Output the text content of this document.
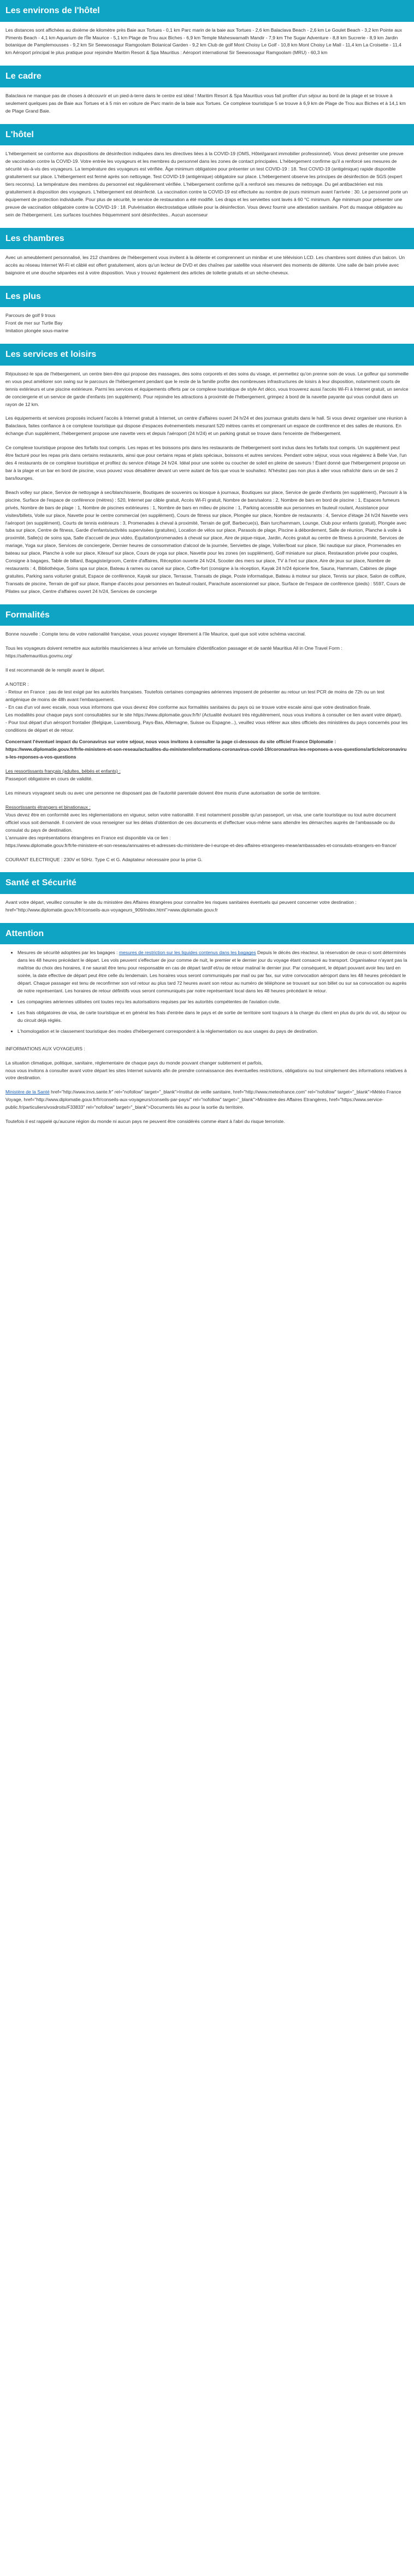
Les environs de l'hôtel

Les distances sont affichées au dixième de kilomètre près Baie aux Tortues - 0,1 km Parc marin de la baie aux Tortues - 2,6 km Balaclava Beach - 2,6 km Le Goulet Beach - 3,2 km Pointe aux Piments Beach - 4,1 km Aquarium de l'Île Maurice - 5,1 km Plage de Trou aux Biches - 6,9 km Temple Maheswarnath Mandir - 7,9 km The Sugar Adventure - 8,8 km Sucrerie - 8,9 km Jardin botanique de Pamplemousses - 9,2 km Sir Seewoosagur Ramgoolam Botanical Garden - 9,2 km Club de golf Mont Choisy Le Golf - 10,8 km Mont Choisy Le Mall - 11,4 km La Croisette - 11,4 km Aéroport principal le plus pratique pour rejoindre Maritim Resort & Spa Mauritius : Aéroport international Sir Seewoosagur Ramgoolam (MRU) - 60,3 km

Le cadre

Balaclava ne manque pas de choses à découvrir et un pied-à-terre dans le centre est idéal ! Maritim Resort & Spa Mauritius vous fait profiter d'un séjour au bord de la plage et se trouve à seulement quelques pas de Baie aux Tortues et à 5 min en voiture de Parc marin de la baie aux Tortues. Ce complexe touristique 5 se trouve à 6,9 km de Plage de Trou aux Biches et à 14,1 km de Plage Grand Baie.

L'hôtel

L'hébergement se conforme aux dispositions de désinfection indiquées dans les directives liées à la COVID-19 (OMS, Hôtel/garant immobilier professionnel). Vous devez présenter une preuve de vaccination contre la COVID-19. Votre entrée les voyageurs et les membres du personnel dans les zones de contact principales. L'hébergement confirme qu'il a renforcé ses mesures de sécurité vis-à-vis des voyageurs. La température des voyageurs est vérifiée. Âge minimum obligatoire pour présenter un test COVID-19 : 18. Test COVID-19 (antigénique) rapide disponible gratuitement sur place. L'hébergement est fermé après son nettoyage. Test COVID-19 (antigénique) obligatoire sur place. L'hébergement observe les principes de désinfection de SGS (expert tiers reconnu). La température des membres du personnel est régulièrement vérifiée. L'hébergement confirme qu'il a renforcé ses mesures de nettoyage. Du gel antibactérien est mis gratuitement à disposition des voyageurs. L'hébergement est désinfecté. La vaccination contre la COVID-19 est effectuée au nombre de jours minimum avant l'arrivée : 30. Le personnel porte un équipement de protection individuelle. Pour plus de sécurité, le service de restauration a été modifié. Les draps et les serviettes sont lavés à 60 °C minimum. Âge minimum pour présenter une preuve de vaccination obligatoire contre la COVID-19 : 18. Pulvérisation électrostatique utilisée pour la désinfection. Vous devez fournir une attestation sanitaire. Port du masque obligatoire au sein de l'hébergement. Les surfaces touchées fréquemment sont désinfectées.. Aucun ascenseur

Les chambres

Avec un ameublement personnalisé, les 212 chambres de l'hébergement vous invitent à la détente et comprennent un minibar et une télévision LCD. Les chambres sont dotées d'un balcon. Un accès au réseau Internet Wi-Fi et câblé est offert gratuitement, alors qu'un lecteur de DVD et des chaînes par satellite vous réservent des moments de détente. Une salle de bain privée avec baignoire et une douche séparées est à votre disposition. Vous y trouvez également des articles de toilette gratuits et un sèche-cheveux.

Les plus
Parcours de golf 9 trous
Front de mer sur Turtle Bay
Imitation plongée sous-marine
Les services et loisirs

Réjouissez-le spa de l'hébergement, un centre bien-être qui propose des massages, des soins corporels et des soins du visage, et permettez qu'on prenne soin de vous. Le golfeur qui sommeille en vous peut améliorer son swing sur le parcours de l'hébergement pendant que le reste de la famille profite des nombreuses infrastructures de loisirs à leur disposition, notamment courts de tennis extérieurs et une piscine extérieure. Parmi les services et équipements offerts par ce complexe touristique de style Art déco, vous trouverez aussi l'accès Wi-Fi à Internet gratuit, un service de conciergerie et un service de garde d'enfants (en supplément). Pour rejoindre les attractions à proximité de l'hébergement, grimpez à bord de la navette payante qui vous conduit dans un rayon de 12 km.

Les équipements et services proposés incluent l'accès à Internet gratuit à Internet, un centre d'affaires ouvert 24 h/24 et des journaux gratuits dans le hall. Si vous devez organiser une réunion à Balaclava, faites confiance à ce complexe touristique qui dispose d'espaces événementiels mesurant 520 mètres carrés et comprenant un espace de conférence et des salles de réunions. En échange d'un supplément, l'hébergement propose une navette vers et depuis l'aéroport (24 h/24) et un parking gratuit se trouve dans l'enceinte de l'hébergement.

Ce complexe touristique propose des forfaits tout compris. Les repas et les boissons pris dans les restaurants de l'hébergement sont inclus dans les forfaits tout compris. Un supplément peut être facturé pour les repas pris dans certains restaurants, ainsi que pour certains repas et plats spéciaux, boissons et autres services. Pendant votre séjour, vous vous régalerez à Belle Vue, l'un des 4 restaurants de ce complexe touristique et profitez du service d'étage 24 h/24. Idéal pour une soirée ou coucher de soleil en pleine de saveurs ! Étant donné que l'hébergement propose un bar à la plage et un bar en bord de piscine, vous pouvez vous désaltérer devant un verre autant de fois que vous le souhaitez. N'hésitez pas non plus à aller vous rafraîchir dans un de ses 2 bars/lounges.

Beach volley sur place, Service de nettoyage à sec/blanchisserie, Boutiques de souvenirs ou kiosque à journaux, Boutiques sur place, Service de garde d'enfants (en supplément), Parcourir à la piscine, Surface de l'espace de conférence (mètres) : 520, Internet par câble gratuit, Accès Wi-Fi gratuit, Nombre de bars/salons : 2, Nombre de bars en bord de piscine : 1, Espaces fumeurs privés, Nombre de bars de plage : 1, Nombre de piscines extérieures : 1, Nombre de bars en milieu de piscine : 1, Parking accessible aux personnes en fauteuil roulant, Assistance pour visites/billets, Voile sur place, Navette pour le centre commercial (en supplément), Cours de fitness sur place, Plongée sur place, Nombre de restaurants : 4, Service d'étage 24 h/24 Navette vers l'aéroport (en supplément), Courts de tennis extérieurs : 3, Promenades à cheval à proximité, Terrain de golf, Barbecue(s), Bain turc/hammam, Lounge, Club pour enfants (gratuit), Plongée avec tuba sur place, Centre de fitness, Garde d'enfants/activités supervisées (gratuites), Location de vélos sur place, Parasols de plage, Piscine à débordement, Salle de réunion, Planche à voile à proximité, Salle(s) de soins spa, Salle d'accueil de jeux vidéo, Équitation/promenades à cheval sur place, Aire de pique-nique, Jardin, Accès gratuit au centre de fitness à proximité, Services de mariage, Yoga sur place, Services de conciergerie, Dernier heures de consommation d'alcool de la journée, Serviettes de plage, Voilier/boat sur place, Ski nautique sur place, Promenades en bateau sur place, Planche à voile sur place, Kitesurf sur place, Cours de yoga sur place, Navette pour les zones (en supplément), Golf miniature sur place, Restauration privée pour couples, Consigne à bagages, Table de billard, Bagagiste/groom, Centre d'affaires, Réception ouverte 24 h/24, Scooter des mers sur place, TV à l'ext sur place, Aire de jeux sur place, Nombre de restaurants : 4, Bibliothèque, Soins spa sur place, Bateau à rames ou canoë sur place, Coffre-fort (consigne à la réception, Kayak 24 h/24 épicerie fine, Sauna, Hammam, Cabines de plage gratuites, Parking sans voiturier gratuit, Espace de conférence, Kayak sur place, Terrasse, Transats de plage, Poste informatique, Bateau à moteur sur place, Tennis sur place, Salon de coiffure, Transats de piscine, Terrain de golf sur place, Rampe d'accès pour personnes en fauteuil roulant, Parachute ascensionnel sur place, Surface de l'espace de conférence (pieds) : 5597, Cours de Pilates sur place, Centre d'affaires ouvert 24 h/24, Services de concierge

Formalités

Bonne nouvelle : Compte tenu de votre nationalité française, vous pouvez voyager librement à l'île Maurice, quel que soit votre schéma vaccinal.

Tous les voyageurs doivent remettre aux autorités mauriciennes à leur arrivée un formulaire d'identification passager et de santé Mauritius All in One Travel Form : https://safemauritius.govmu.org/

Il est recommandé de le remplir avant le départ.

A NOTER :
- Retour en France : pas de test exigé par les autorités françaises. Toutefois certaines compagnies aériennes imposent de présenter au retour un test PCR de moins de 72h ou un test antigénique de moins de 48h avant l'embarquement.
- En cas d'un vol avec escale, nous vous informons que vous devrez être conforme aux formalités sanitaires du pays où se trouve votre escale ainsi que votre destination finale.
Les modalités pour chaque pays sont consultables sur le site https://www.diplomatie.gouv.fr/fr/ (Actualité évoluant très régulièrement, nous vous invitons à consulter ce lien avant votre départ).
- Pour tout départ d'un aéroport frontalier (Belgique, Luxembourg, Pays-Bas, Allemagne, Suisse ou Espagne...), veuillez vous référer aux sites officiels des ministères du pays concernés pour les conditions de départ et de retour.
Concernant l'éventuel impact du Coronavirus sur votre séjour, nous vous invitons à consulter la page ci-dessous du site officiel France Diplomatie :

https://www.diplomatie.gouv.fr/fr/le-ministere-et-son-reseau/actualites-du-ministere/informations-coronavirus-covid-19/coronavirus-les-reponses-a-vos-questions/article/coronavirus-les-reponses-a-vos-questions

Les ressortissants français (adultes, bébés et enfants) :

Passeport obligatoire en cours de validité.

Les mineurs voyageant seuls ou avec une personne ne disposant pas de l'autorité parentale doivent être munis d'une autorisation de sortie de territoire.

Ressortissants étrangers et binationaux :
Vous devez être en conformité avec les réglementations en vigueur, selon votre nationalité. Il est notamment possible qu'un passeport, un visa, une carte touristique ou tout autre document officiel vous soit demandé. Il convient de vous renseigner sur les délais d'obtention de ces documents et d'effectuer vous-même sans attendre les démarches auprès de l'ambassade ou du consulat du pays de destination.
L'annuaire des représentations étrangères en France est disponible via ce lien :

https://www.diplomatie.gouv.fr/fr/le-ministere-et-son-reseau/annuaires-et-adresses-du-ministere-de-l-europe-et-des-affaires-etrangeres-meae/ambassades-et-consulats-etrangers-en-france/

COURANT ELECTRIQUE : 230V et 50Hz. Type C et G. Adaptateur nécessaire pour la prise G.

Santé et Sécurité

Avant votre départ, veuillez consulter le site du ministère des Affaires étrangères pour connaître les risques sanitaires éventuels qui peuvent concerner votre destination : href="http://www.diplomatie.gouv.fr/fr/conseils-aux-voyageurs_909/index.html">www.diplomatie.gouv.fr

Attention
• Mesures de sécurité adoptées par les bagages : mesures de restriction sur les liquides contenus dans les bagages Depuis le décès des réacteur, la réservation de ceux-ci sont déterminés dans les 48 heures précédant le départ. Les vols peuvent s'effectuer de jour comme de nuit, le premier et le dernier jour du voyage étant consacré au transport. Organisateur n'ayant pas la maîtrise du choix des horaires, il ne saurait être tenu pour responsable en cas de départ tardif et/ou de retour matinal le dernier jour. Par conséquent, le départ pouvant avoir lieu tard en soirée, la date effective de départ peut être celle du lendemain. Les horaires vous seront communiqués par mail ou par fax, sur votre convocation aéroport dans les 48 heures précédant le départ. Chaque passager est tenu de reconfirmer son vol retour au plus tard 72 heures avant son retour au numéro de téléphone se trouvant sur son billet ou sur sa convocation ou auprès de notre représentant. Les horaires de retour définitifs vous seront communiqués par notre représentant local dans les 48 heures précédant le retour.
• Les compagnies aériennes utilisées ont toutes reçu les autorisations requises par les autorités compétentes de l'aviation civile.
• Les frais obligatoires de visa, de carte touristique et en général les frais d'entrée dans le pays et de sortie de territoire sont toujours à la charge du client en plus du prix du vol, du séjour ou du circuit déjà réglés.
• L'homologation et le classement touristique des modes d'hébergement correspondent à la réglementation ou aux usages du pays de destination.

INFORMATIONS AUX VOYAGEURS :

La situation climatique, politique, sanitaire, réglementaire de chaque pays du monde pouvant changer subitement et parfois,

nous vous invitons à consulter avant votre départ les sites Internet suivants afin de prendre connaissance des éventuelles restrictions, obligations ou tout simplement des informations relatives à votre destination.

Ministère de la Santé href="http://www.invs.sante.fr" rel="nofollow" target="_blank">Institut de veille sanitaire, href="http://www.meteofrance.com" rel="nofollow" target="_blank">Météo France Voyage, href="http://www.diplomatie.gouv.fr/fr/conseils-aux-voyageurs/conseils-par-pays/" rel="nofollow" target="_blank">Ministère des Affaires Etrangères, href="https://www.service-public.fr/particuliers/vosdroits/F33833" rel="nofollow" target="_blank">Documents liés au pour la sortie du territoire.

Toutefois il est rappelé qu'aucune région du monde ni aucun pays ne peuvent être considérés comme étant à l'abri du risque terroriste.
